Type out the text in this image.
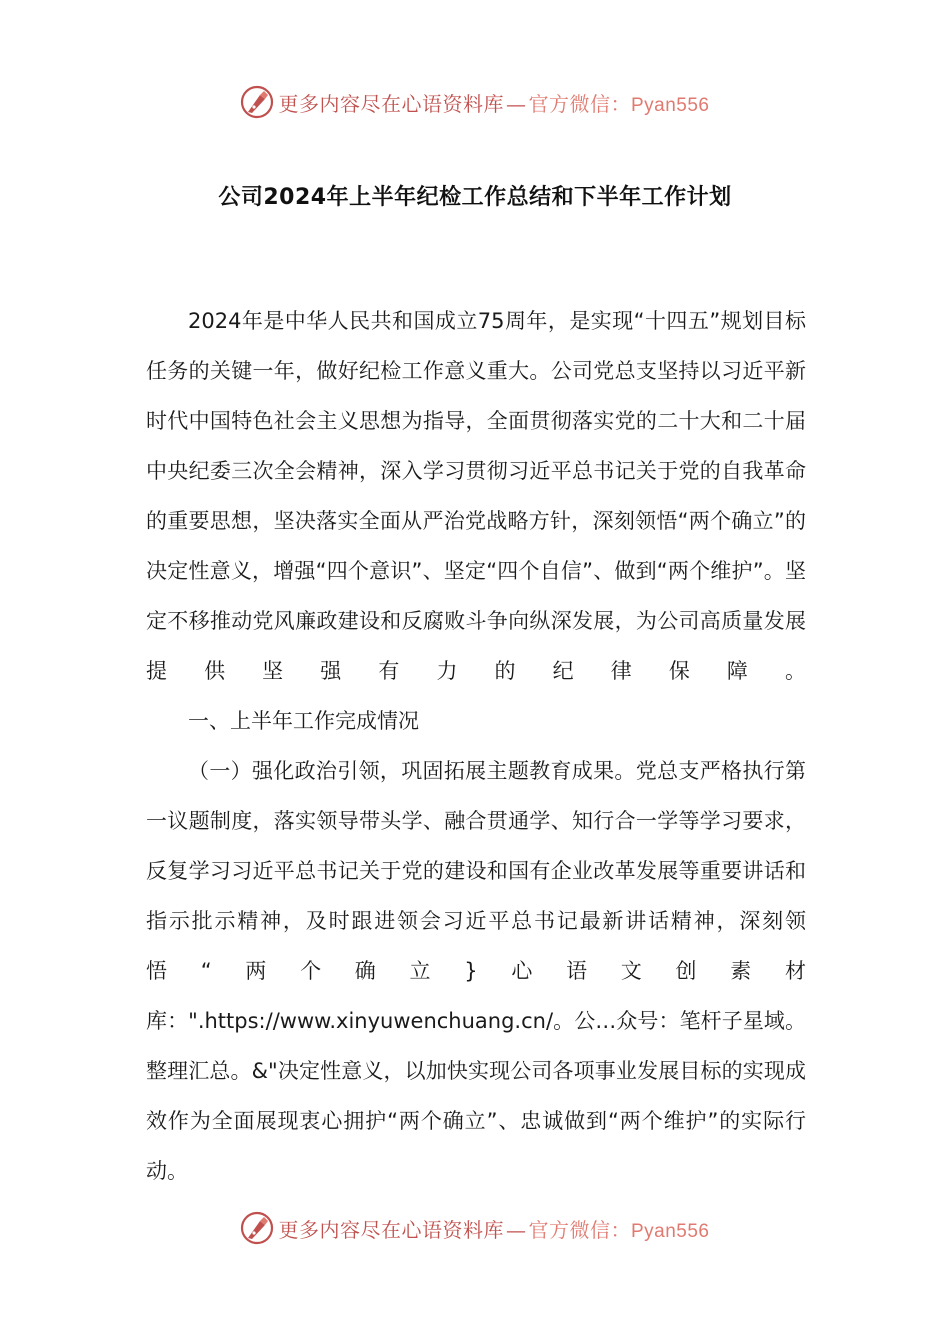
更多内容尽在心语资料库 — 官方微信：Pyan556
公司2024年上半年纪检工作总结和下半年工作计划

2024年是中华人民共和国成立75周年，是实现“十四五”规划目标任务的关键一年，做好纪检工作意义重大。公司党总支坚持以习近平新时代中国特色社会主义思想为指导，全面贯彻落实党的二十大和二十届中央纪委三次全会精神，深入学习贯彻习近平总书记关于党的自我革命的重要思想，坚决落实全面从严治党战略方针，深刻领悟“两个确立”的决定性意义，增强“四个意识”、坚定“四个自信”、做到“两个维护”。坚定不移推动党风廉政建设和反腐败斗争向纵深发展，为公司高质量发展提供坚强有力的纪律保障。

一、上半年工作完成情况

（一）强化政治引领，巩固拓展主题教育成果。党总支严格执行第一议题制度，落实领导带头学、融合贯通学、知行合一学等学习要求，反复学习习近平总书记关于党的建设和国有企业改革发展等重要讲话和指示批示精神，及时跟进领会习近平总书记最新讲话精神，深刻领悟“两个确立}心语文创素材库：".https://www.xinyuwenchuang.cn/。公…众号：笔杆子星域。整理汇总。&"决定性意义，以加快实现公司各项事业发展目标的实现成效作为全面展现衷心拥护“两个确立”、忠诚做到“两个维护”的实际行动。

更多内容尽在心语资料库 — 官方微信：Pyan556
